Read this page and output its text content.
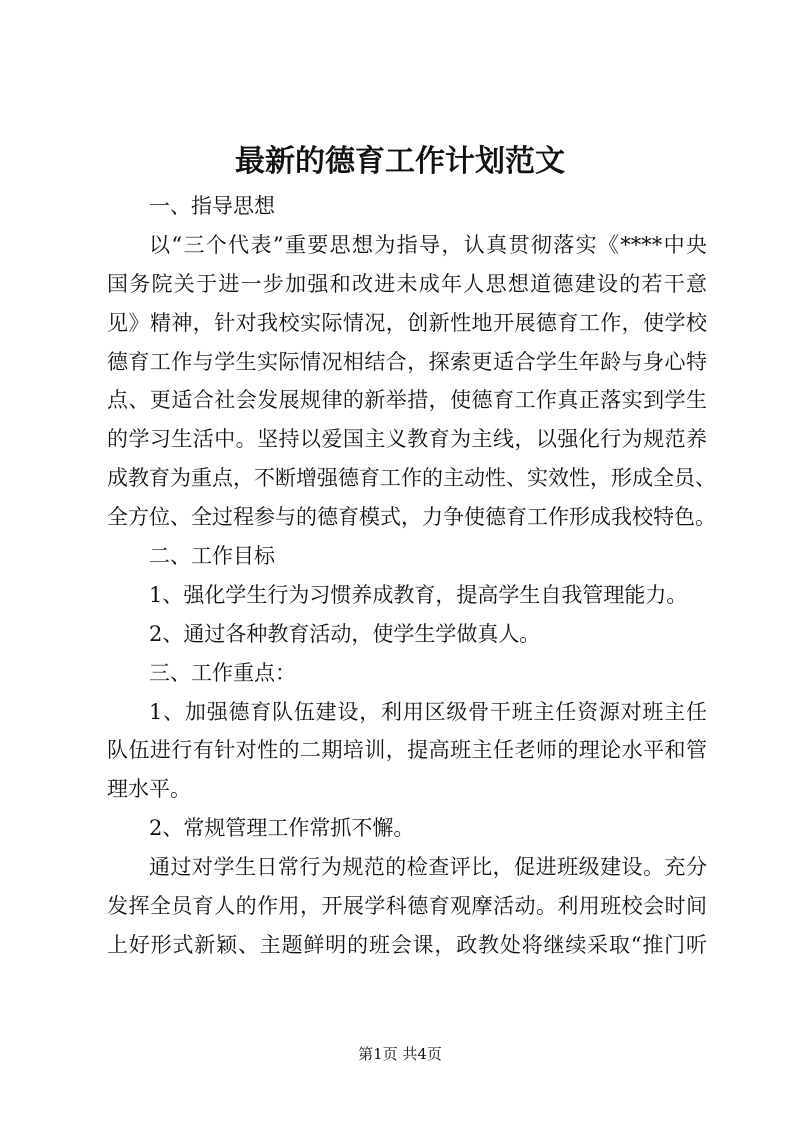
最新的德育工作计划范文
一、指导思想
以“三个代表”重要思想为指导，认真贯彻落实《****中央
国务院关于进一步加强和改进未成年人思想道德建设的若干意
见》精神，针对我校实际情况，创新性地开展德育工作，使学校
德育工作与学生实际情况相结合，探索更适合学生年龄与身心特
点、更适合社会发展规律的新举措，使德育工作真正落实到学生
的学习生活中。坚持以爱国主义教育为主线，以强化行为规范养
成教育为重点，不断增强德育工作的主动性、实效性，形成全员、
全方位、全过程参与的德育模式，力争使德育工作形成我校特色。
二、工作目标
1、强化学生行为习惯养成教育，提高学生自我管理能力。
2、通过各种教育活动，使学生学做真人。
三、工作重点：
1、加强德育队伍建设，利用区级骨干班主任资源对班主任
队伍进行有针对性的二期培训，提高班主任老师的理论水平和管
理水平。
2、常规管理工作常抓不懈。
通过对学生日常行为规范的检查评比，促进班级建设。充分
发挥全员育人的作用，开展学科德育观摩活动。利用班校会时间
上好形式新颖、主题鲜明的班会课，政教处将继续采取“推门听
第1页 共4页
